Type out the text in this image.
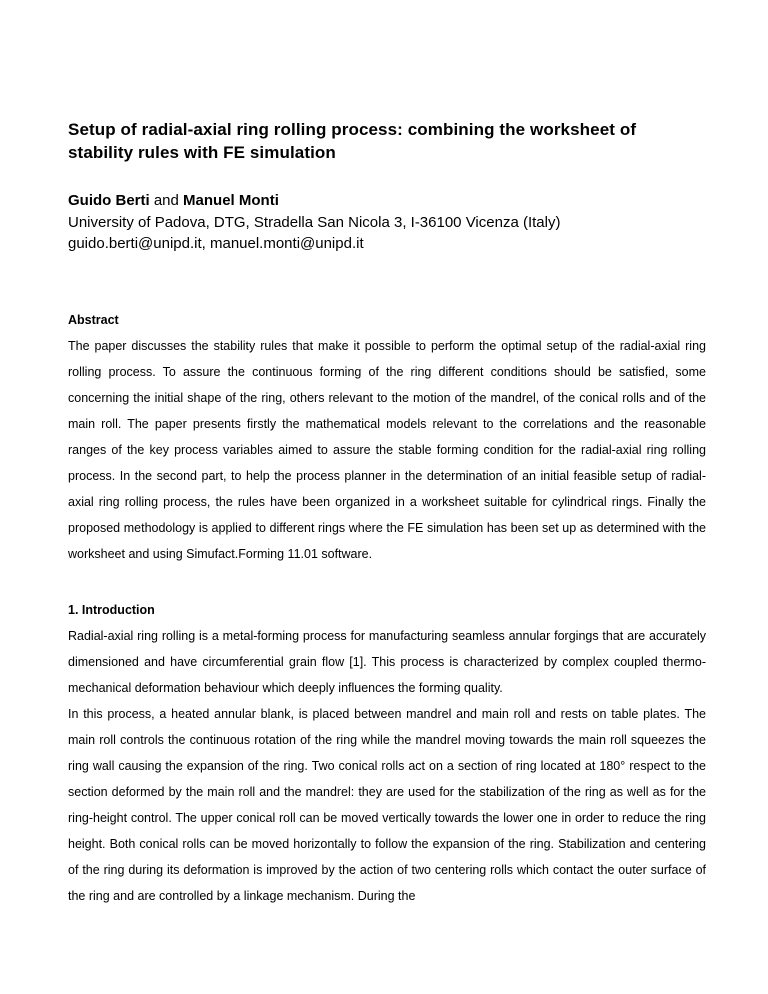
Setup of radial-axial ring rolling process: combining the worksheet of stability rules with FE simulation
Guido Berti and Manuel Monti
University of Padova, DTG, Stradella San Nicola 3, I-36100 Vicenza (Italy)
guido.berti@unipd.it, manuel.monti@unipd.it
Abstract
The paper discusses the stability rules that make it possible to perform the optimal setup of the radial-axial ring rolling process. To assure the continuous forming of the ring different conditions should be satisfied, some concerning the initial shape of the ring, others relevant to the motion of the mandrel, of the conical rolls and of the main roll. The paper presents firstly the mathematical models relevant to the correlations and the reasonable ranges of the key process variables aimed to assure the stable forming condition for the radial-axial ring rolling process. In the second part, to help the process planner in the determination of an initial feasible setup of radial-axial ring rolling process, the rules have been organized in a worksheet suitable for cylindrical rings. Finally the proposed methodology is applied to different rings where the FE simulation has been set up as determined with the worksheet and using Simufact.Forming 11.01 software.
1. Introduction
Radial-axial ring rolling is a metal-forming process for manufacturing seamless annular forgings that are accurately dimensioned and have circumferential grain flow [1]. This process is characterized by complex coupled thermo-mechanical deformation behaviour which deeply influences the forming quality.
In this process, a heated annular blank, is placed between mandrel and main roll and rests on table plates. The main roll controls the continuous rotation of the ring while the mandrel moving towards the main roll squeezes the ring wall causing the expansion of the ring. Two conical rolls act on a section of ring located at 180° respect to the section deformed by the main roll and the mandrel: they are used for the stabilization of the ring as well as for the ring-height control. The upper conical roll can be moved vertically towards the lower one in order to reduce the ring height. Both conical rolls can be moved horizontally to follow the expansion of the ring. Stabilization and centering of the ring during its deformation is improved by the action of two centering rolls which contact the outer surface of the ring and are controlled by a linkage mechanism. During the
